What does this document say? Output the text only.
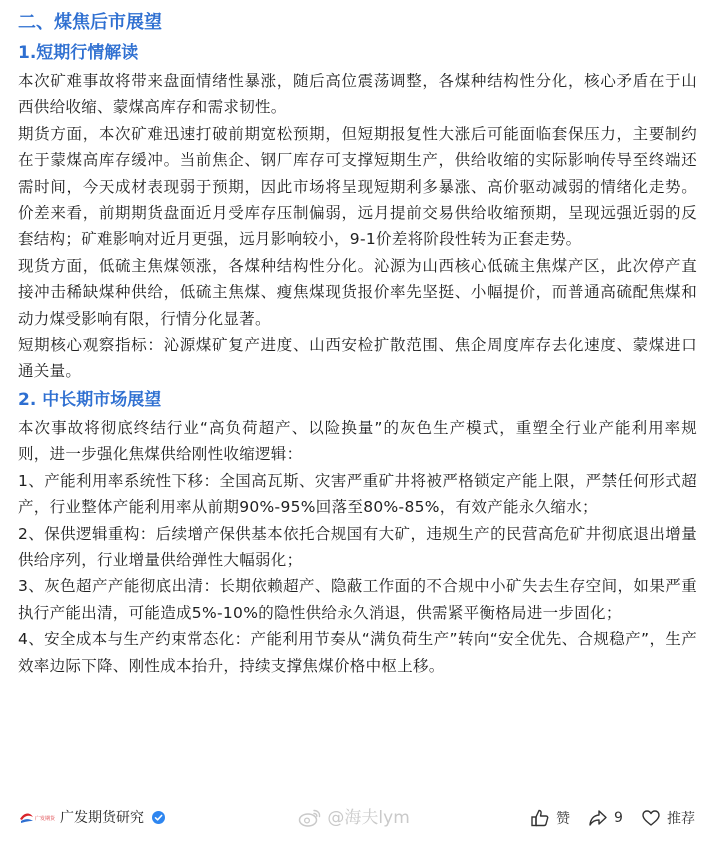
二、煤焦后市展望
1.短期行情解读

本次矿难事故将带来盘面情绪性暴涨，随后高位震荡调整，各煤种结构性分化，核心矛盾在于山西供给收缩、蒙煤高库存和需求韧性。

期货方面，本次矿难迅速打破前期宽松预期，但短期报复性大涨后可能面临套保压力，主要制约在于蒙煤高库存缓冲。当前焦企、钢厂库存可支撑短期生产，供给收缩的实际影响传导至终端还需时间，今天成材表现弱于预期，因此市场将呈现短期利多暴涨、高价驱动减弱的情绪化走势。价差来看，前期期货盘面近月受库存压制偏弱，远月提前交易供给收缩预期，呈现远强近弱的反套结构；矿难影响对近月更强，远月影响较小，9-1价差将阶段性转为正套走势。

现货方面，低硫主焦煤领涨，各煤种结构性分化。沁源为山西核心低硫主焦煤产区，此次停产直接冲击稀缺煤种供给，低硫主焦煤、瘦焦煤现货报价率先坚挺、小幅提价，而普通高硫配焦煤和动力煤受影响有限，行情分化显著。

短期核心观察指标：沁源煤矿复产进度、山西安检扩散范围、焦企周度库存去化速度、蒙煤进口通关量。

2. 中长期市场展望

本次事故将彻底终结行业“高负荷超产、以险换量”的灰色生产模式，重塑全行业产能利用率规则，进一步强化焦煤供给刚性收缩逻辑：

1、产能利用率系统性下移：全国高瓦斯、灾害严重矿井将被严格锁定产能上限，严禁任何形式超产，行业整体产能利用率从前期90%-95%回落至80%-85%，有效产能永久缩水；

2、保供逻辑重构：后续增产保供基本依托合规国有大矿，违规生产的民营高危矿井彻底退出增量供给序列，行业增量供给弹性大幅弱化；

3、灰色超产产能彻底出清：长期依赖超产、隐蔽工作面的不合规中小矿失去生存空间，如果严重执行产能出清，可能造成5%-10%的隐性供给永久消退，供需紧平衡格局进一步固化；

4、安全成本与生产约束常态化：产能利用节奏从“满负荷生产”转向“安全优先、合规稳产”，生产效率边际下降、刚性成本抬升，持续支撑焦煤价格中枢上移。

广发期货 广发期货研究	@海夫lym	赞	9	推荐
